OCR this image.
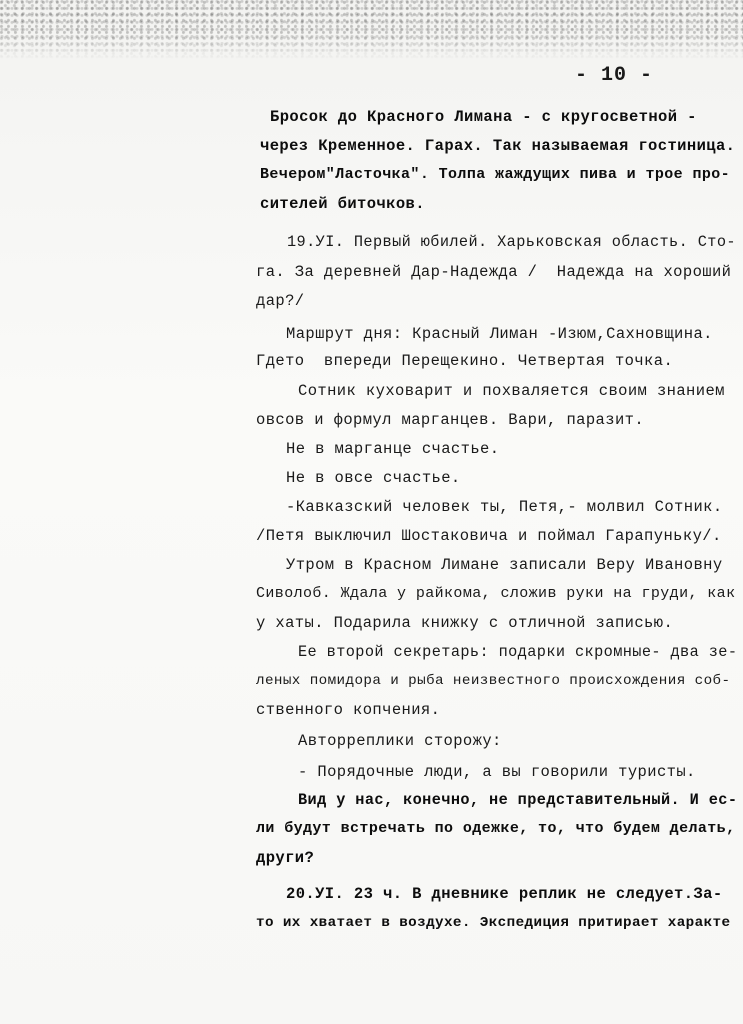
- 10 -
Бросок до Красного Лимана - с кругосветной -
через Кременное. Гарах. Так называемая гостиница.
Вечером"Ласточка". Толпа жаждущих пива и трое про-
сителей биточков.
19.УI. Первый юбилей. Харьковская область. Сто-
га. За деревней Дар-Надежда /  Надежда на хороший
дар?/
Маршрут дня: Красный Лиман -Изюм,Сахновщина.
Гдето  впереди Перещекино. Четвертая точка.
Сотник куховарит и похваляется своим знанием
овсов и формул марганцев. Вари, паразит.
Не в марганце счастье.
Не в овсе счастье.
-Кавказский человек ты, Петя,- молвил Сотник.
/Петя выключил Шостаковича и поймал Гарапуньку/.
Утром в Красном Лимане записали Веру Ивановну
Сиволоб. Ждала у райкома, сложив руки на груди, как
у хаты. Подарила книжку с отличной записью.
Ее второй секретарь: подарки скромные- два зе-
леных помидора и рыба неизвестного происхождения соб-
ственного копчения.
Авторреплики сторожу:
- Порядочные люди, а вы говорили туристы.
Вид у нас, конечно, не представительный. И ес-
ли будут встречать по одежке, то, что будем делать,
други?
20.УI. 23 ч. В дневнике реплик не следует.За-
то их хватает в воздухе. Экспедиция притирает характе
